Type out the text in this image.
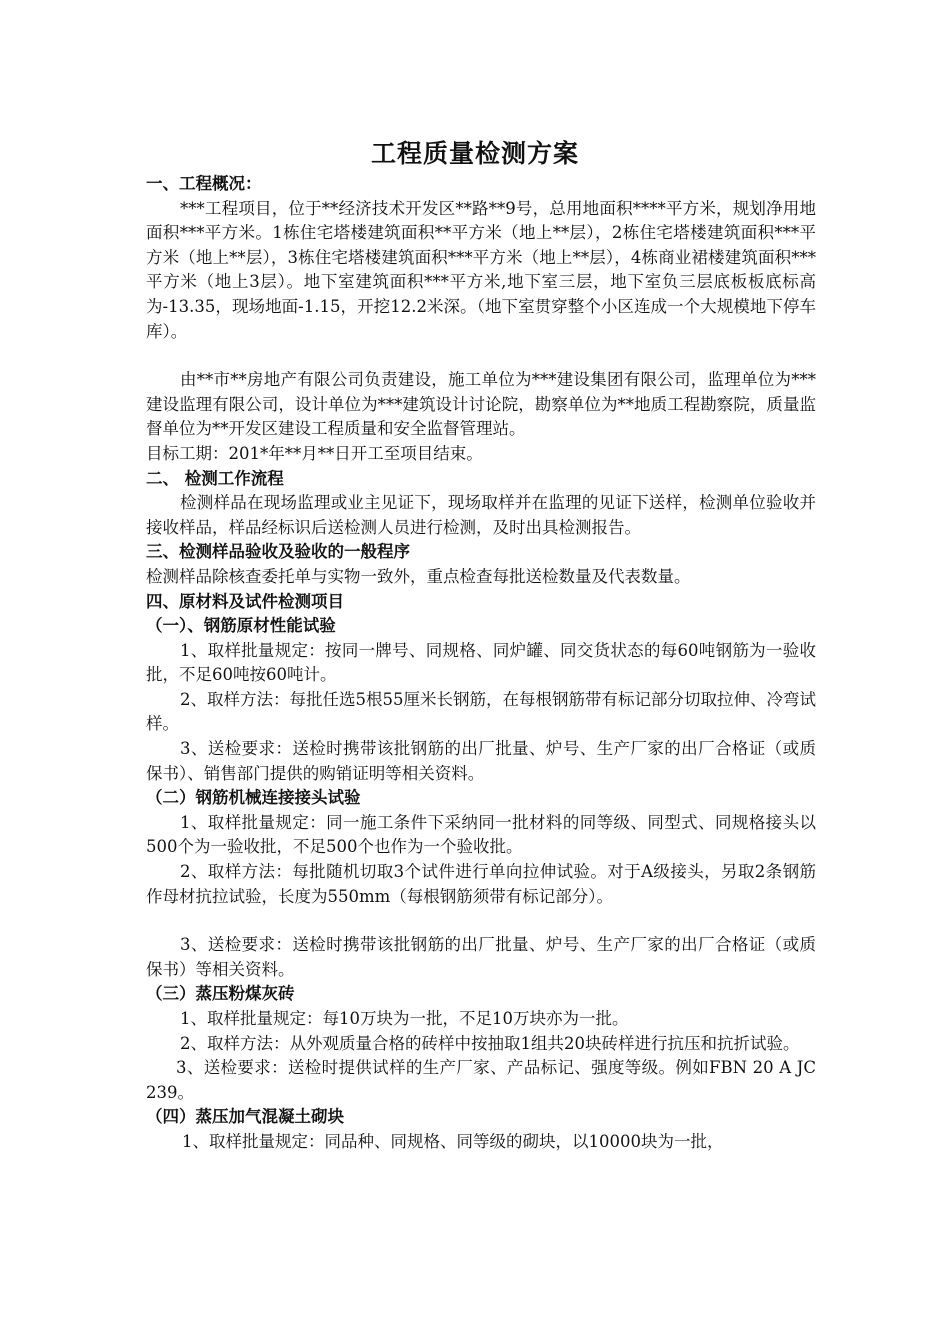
工程质量检测方案

一、工程概况：

***工程项目，位于**经济技术开发区**路**9号，总用地面积****平方米，规划净用地面积***平方米。1栋住宅塔楼建筑面积**平方米（地上**层），2栋住宅塔楼建筑面积***平方米（地上**层），3栋住宅塔楼建筑面积***平方米（地上**层），4栋商业裙楼建筑面积***平方米（地上3层）。地下室建筑面积***平方米,地下室三层，地下室负三层底板板底标高为-13.35，现场地面-1.15，开挖12.2米深。（地下室贯穿整个小区连成一个大规模地下停车库）。

由**市**房地产有限公司负责建设，施工单位为***建设集团有限公司，监理单位为***建设监理有限公司，设计单位为***建筑设计讨论院，勘察单位为**地质工程勘察院，质量监督单位为**开发区建设工程质量和安全监督管理站。

目标工期：201*年**月**日开工至项目结束。

二、 检测工作流程

检测样品在现场监理或业主见证下，现场取样并在监理的见证下送样，检测单位验收并接收样品，样品经标识后送检测人员进行检测，及时出具检测报告。

三、检测样品验收及验收的一般程序

检测样品除核查委托单与实物一致外，重点检查每批送检数量及代表数量。

四、原材料及试件检测项目

（一）、钢筋原材性能试验

1、取样批量规定：按同一牌号、同规格、同炉罐、同交货状态的每60吨钢筋为一验收批，不足60吨按60吨计。

2、取样方法：每批任选5根55厘米长钢筋，在每根钢筋带有标记部分切取拉伸、冷弯试样。

3、送检要求：送检时携带该批钢筋的出厂批量、炉号、生产厂家的出厂合格证（或质保书）、销售部门提供的购销证明等相关资料。

（二）钢筋机械连接接头试验

1、取样批量规定：同一施工条件下采纳同一批材料的同等级、同型式、同规格接头以500个为一验收批，不足500个也作为一个验收批。

2、取样方法：每批随机切取3个试件进行单向拉伸试验。对于A级接头，另取2条钢筋作母材抗拉试验，长度为550mm（每根钢筋须带有标记部分）。

3、送检要求：送检时携带该批钢筋的出厂批量、炉号、生产厂家的出厂合格证（或质保书）等相关资料。

（三）蒸压粉煤灰砖

1、取样批量规定：每10万块为一批，不足10万块亦为一批。

2、取样方法：从外观质量合格的砖样中按抽取1组共20块砖样进行抗压和抗折试验。

3、送检要求：送检时提供试样的生产厂家、产品标记、强度等级。例如FBN 20 A JC 239。

（四）蒸压加气混凝土砌块

1、取样批量规定：同品种、同规格、同等级的砌块，以10000块为一批，
